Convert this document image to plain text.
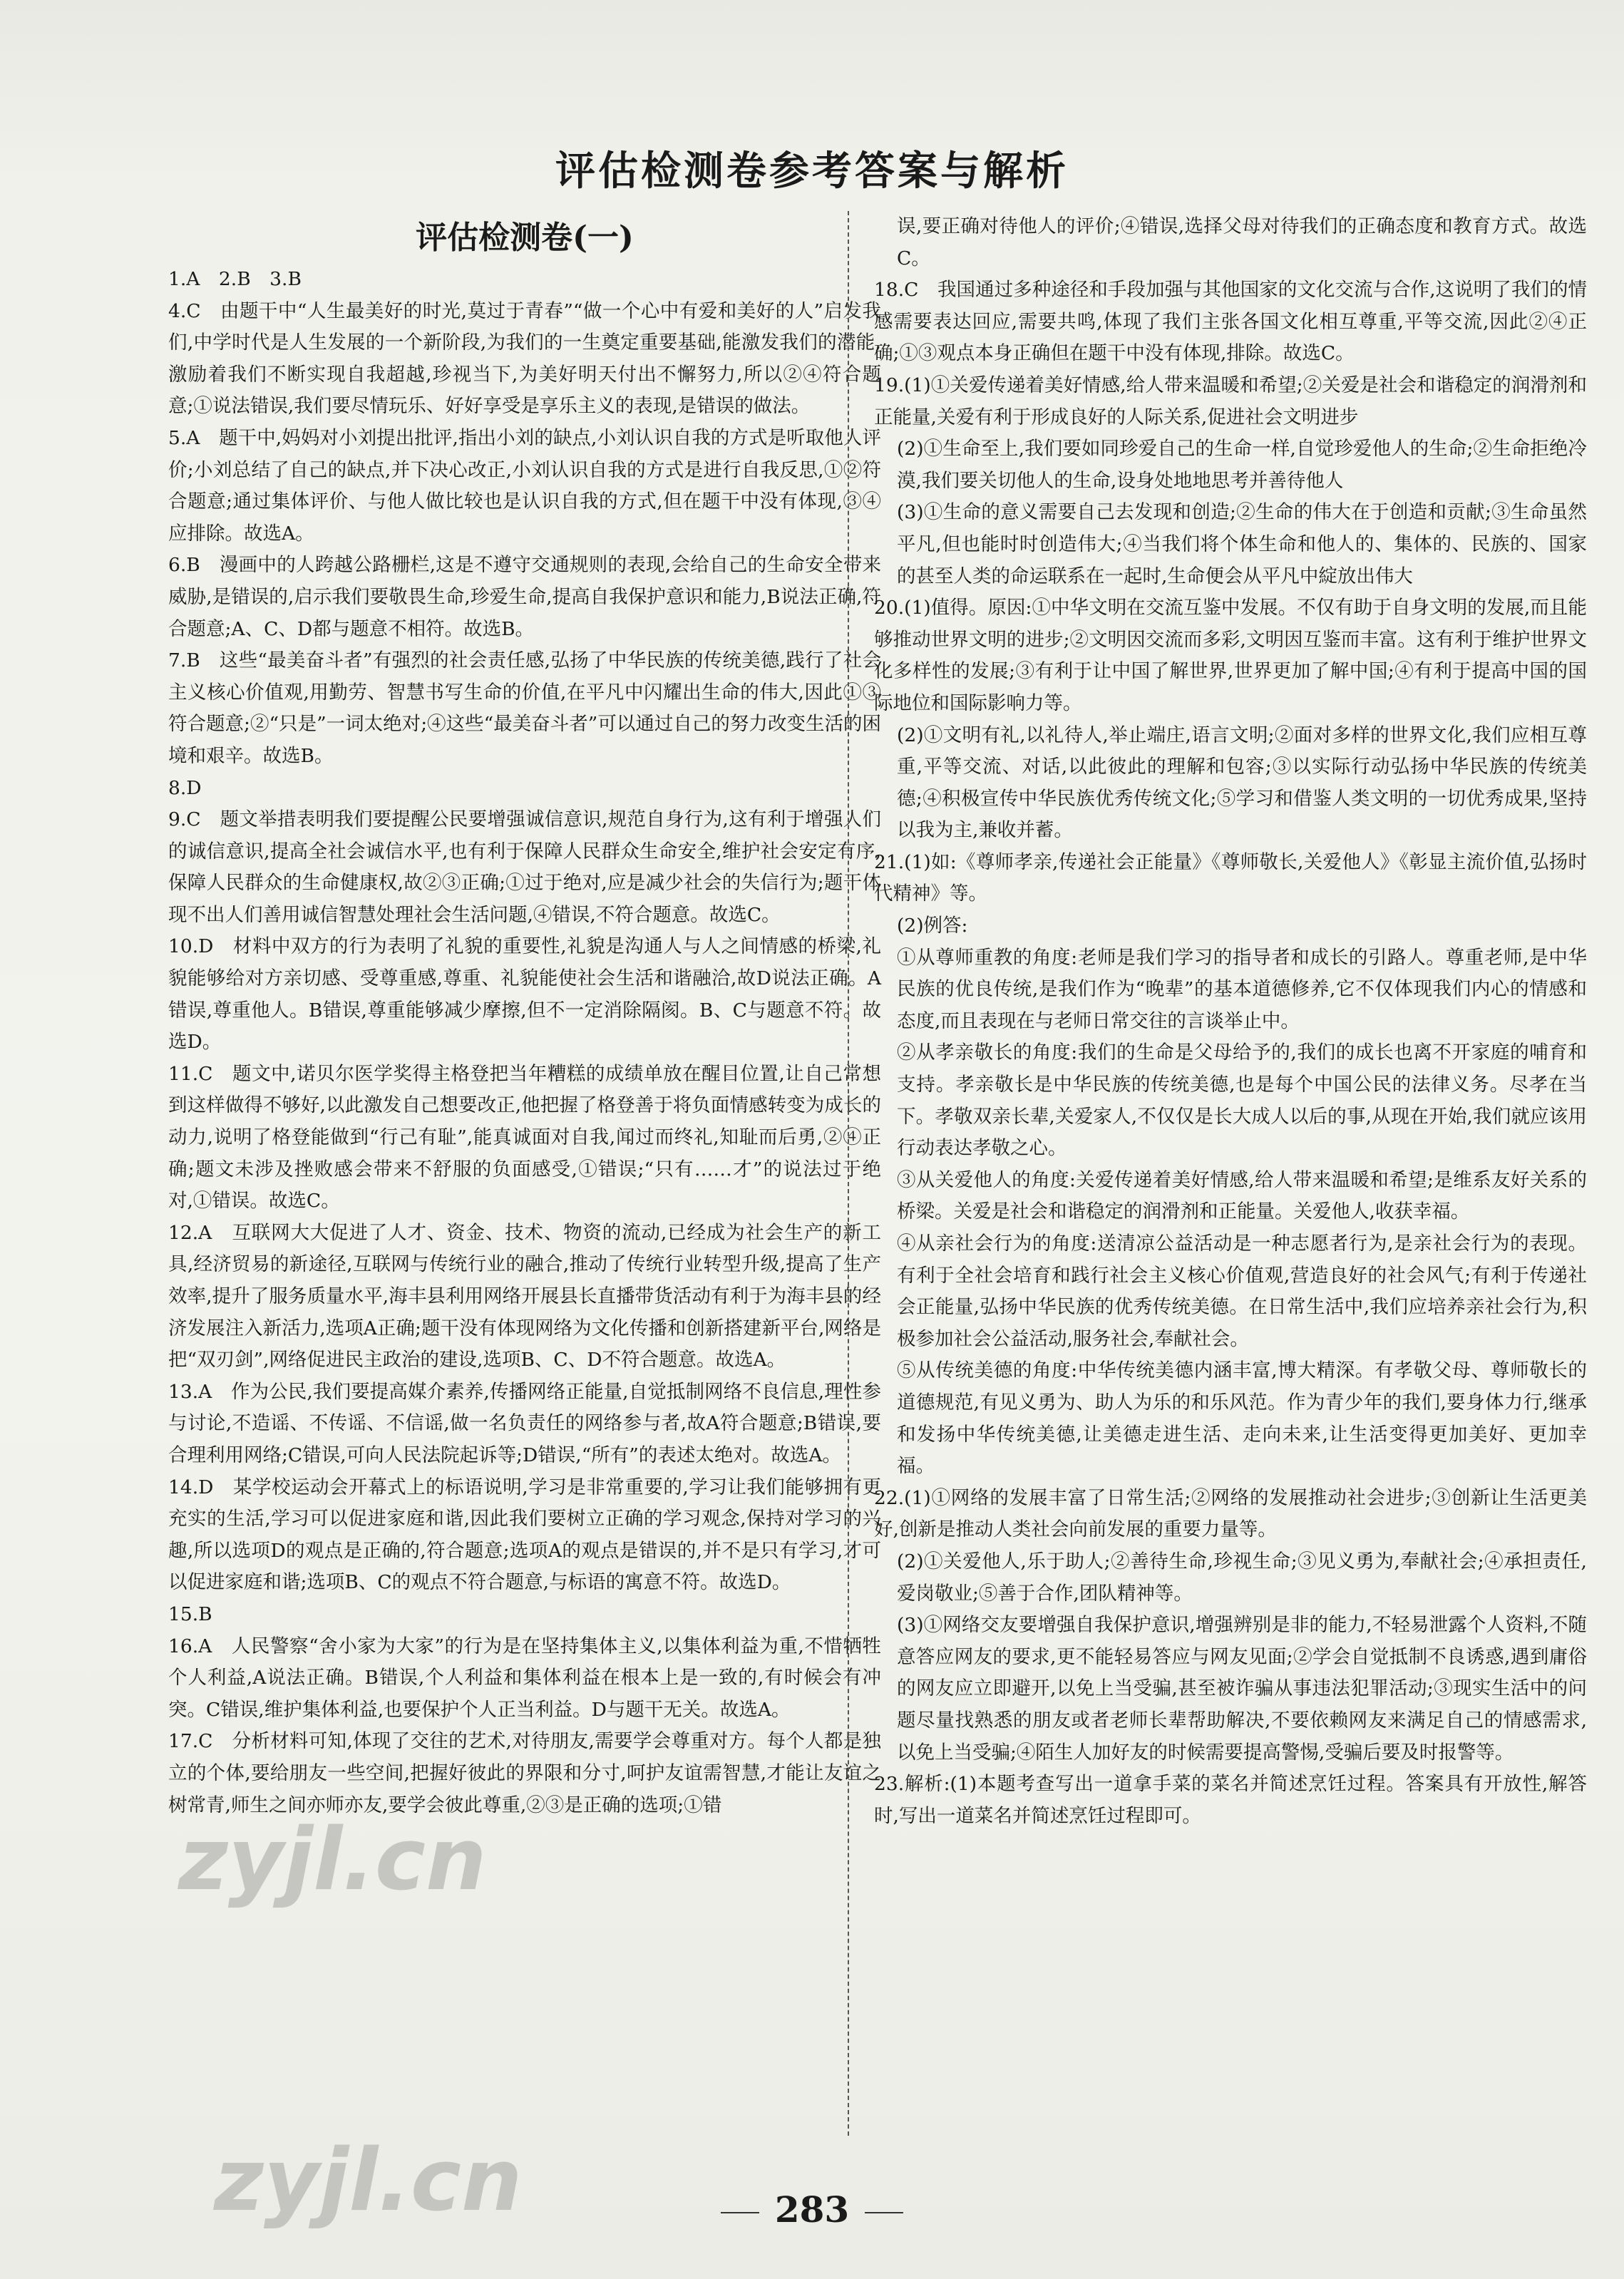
评估检测卷参考答案与解析
评估检测卷(一)

1.A　2.B　3.B

4.C　由题干中“人生最美好的时光,莫过于青春”“做一个心中有爱和美好的人”启发我们,中学时代是人生发展的一个新阶段,为我们的一生奠定重要基础,能激发我们的潜能,激励着我们不断实现自我超越,珍视当下,为美好明天付出不懈努力,所以②④符合题意;①说法错误,我们要尽情玩乐、好好享受是享乐主义的表现,是错误的做法。

5.A　题干中,妈妈对小刘提出批评,指出小刘的缺点,小刘认识自我的方式是听取他人评价;小刘总结了自己的缺点,并下决心改正,小刘认识自我的方式是进行自我反思,①②符合题意;通过集体评价、与他人做比较也是认识自我的方式,但在题干中没有体现,③④应排除。故选A。

6.B　漫画中的人跨越公路栅栏,这是不遵守交通规则的表现,会给自己的生命安全带来威胁,是错误的,启示我们要敬畏生命,珍爱生命,提高自我保护意识和能力,B说法正确,符合题意;A、C、D都与题意不相符。故选B。

7.B　这些“最美奋斗者”有强烈的社会责任感,弘扬了中华民族的传统美德,践行了社会主义核心价值观,用勤劳、智慧书写生命的价值,在平凡中闪耀出生命的伟大,因此①③符合题意;②“只是”一词太绝对;④这些“最美奋斗者”可以通过自己的努力改变生活的困境和艰辛。故选B。

8.D

9.C　题文举措表明我们要提醒公民要增强诚信意识,规范自身行为,这有利于增强人们的诚信意识,提高全社会诚信水平,也有利于保障人民群众生命安全,维护社会安定有序,保障人民群众的生命健康权,故②③正确;①过于绝对,应是减少社会的失信行为;题干体现不出人们善用诚信智慧处理社会生活问题,④错误,不符合题意。故选C。

10.D　材料中双方的行为表明了礼貌的重要性,礼貌是沟通人与人之间情感的桥梁,礼貌能够给对方亲切感、受尊重感,尊重、礼貌能使社会生活和谐融洽,故D说法正确。A错误,尊重他人。B错误,尊重能够减少摩擦,但不一定消除隔阂。B、C与题意不符。故选D。

11.C　题文中,诺贝尔医学奖得主格登把当年糟糕的成绩单放在醒目位置,让自己常想到这样做得不够好,以此激发自己想要改正,他把握了格登善于将负面情感转变为成长的动力,说明了格登能做到“行己有耻”,能真诚面对自我,闻过而终礼,知耻而后勇,②④正确;题文未涉及挫败感会带来不舒服的负面感受,①错误;“只有……才”的说法过于绝对,①错误。故选C。

12.A　互联网大大促进了人才、资金、技术、物资的流动,已经成为社会生产的新工具,经济贸易的新途径,互联网与传统行业的融合,推动了传统行业转型升级,提高了生产效率,提升了服务质量水平,海丰县利用网络开展县长直播带货活动有利于为海丰县的经济发展注入新活力,选项A正确;题干没有体现网络为文化传播和创新搭建新平台,网络是把“双刃剑”,网络促进民主政治的建设,选项B、C、D不符合题意。故选A。

13.A　作为公民,我们要提高媒介素养,传播网络正能量,自觉抵制网络不良信息,理性参与讨论,不造谣、不传谣、不信谣,做一名负责任的网络参与者,故A符合题意;B错误,要合理利用网络;C错误,可向人民法院起诉等;D错误,“所有”的表述太绝对。故选A。

14.D　某学校运动会开幕式上的标语说明,学习是非常重要的,学习让我们能够拥有更充实的生活,学习可以促进家庭和谐,因此我们要树立正确的学习观念,保持对学习的兴趣,所以选项D的观点是正确的,符合题意;选项A的观点是错误的,并不是只有学习,才可以促进家庭和谐;选项B、C的观点不符合题意,与标语的寓意不符。故选D。

15.B

16.A　人民警察“舍小家为大家”的行为是在坚持集体主义,以集体利益为重,不惜牺牲个人利益,A说法正确。B错误,个人利益和集体利益在根本上是一致的,有时候会有冲突。C错误,维护集体利益,也要保护个人正当利益。D与题干无关。故选A。

17.C　分析材料可知,体现了交往的艺术,对待朋友,需要学会尊重对方。每个人都是独立的个体,要给朋友一些空间,把握好彼此的界限和分寸,呵护友谊需智慧,才能让友谊之树常青,师生之间亦师亦友,要学会彼此尊重,②③是正确的选项;①错

误,要正确对待他人的评价;④错误,选择父母对待我们的正确态度和教育方式。故选C。

18.C　我国通过多种途径和手段加强与其他国家的文化交流与合作,这说明了我们的情感需要表达回应,需要共鸣,体现了我们主张各国文化相互尊重,平等交流,因此②④正确;①③观点本身正确但在题干中没有体现,排除。故选C。

19.(1)①关爱传递着美好情感,给人带来温暖和希望;②关爱是社会和谐稳定的润滑剂和正能量,关爱有利于形成良好的人际关系,促进社会文明进步

(2)①生命至上,我们要如同珍爱自己的生命一样,自觉珍爱他人的生命;②生命拒绝冷漠,我们要关切他人的生命,设身处地地思考并善待他人

(3)①生命的意义需要自己去发现和创造;②生命的伟大在于创造和贡献;③生命虽然平凡,但也能时时创造伟大;④当我们将个体生命和他人的、集体的、民族的、国家的甚至人类的命运联系在一起时,生命便会从平凡中綻放出伟大

20.(1)值得。原因:①中华文明在交流互鉴中发展。不仅有助于自身文明的发展,而且能够推动世界文明的进步;②文明因交流而多彩,文明因互鉴而丰富。这有利于维护世界文化多样性的发展;③有利于让中国了解世界,世界更加了解中国;④有利于提高中国的国际地位和国际影响力等。

(2)①文明有礼,以礼待人,举止端庄,语言文明;②面对多样的世界文化,我们应相互尊重,平等交流、对话,以此彼此的理解和包容;③以实际行动弘扬中华民族的传统美德;④积极宣传中华民族优秀传统文化;⑤学习和借鉴人类文明的一切优秀成果,坚持以我为主,兼收并蓄。

21.(1)如:《尊师孝亲,传递社会正能量》《尊师敬长,关爱他人》《彰显主流价值,弘扬时代精神》等。

(2)例答:

①从尊师重教的角度:老师是我们学习的指导者和成长的引路人。尊重老师,是中华民族的优良传统,是我们作为“晚辈”的基本道德修养,它不仅体现我们内心的情感和态度,而且表现在与老师日常交往的言谈举止中。

②从孝亲敬长的角度:我们的生命是父母给予的,我们的成长也离不开家庭的哺育和支持。孝亲敬长是中华民族的传统美德,也是每个中国公民的法律义务。尽孝在当下。孝敬双亲长辈,关爱家人,不仅仅是长大成人以后的事,从现在开始,我们就应该用行动表达孝敬之心。

③从关爱他人的角度:关爱传递着美好情感,给人带来温暖和希望;是维系友好关系的桥梁。关爱是社会和谐稳定的润滑剂和正能量。关爱他人,收获幸福。

④从亲社会行为的角度:送清凉公益活动是一种志愿者行为,是亲社会行为的表现。有利于全社会培育和践行社会主义核心价值观,营造良好的社会风气;有利于传递社会正能量,弘扬中华民族的优秀传统美德。在日常生活中,我们应培养亲社会行为,积极参加社会公益活动,服务社会,奉献社会。

⑤从传统美德的角度:中华传统美德内涵丰富,博大精深。有孝敬父母、尊师敬长的道德规范,有见义勇为、助人为乐的和乐风范。作为青少年的我们,要身体力行,继承和发扬中华传统美德,让美德走进生活、走向未来,让生活变得更加美好、更加幸福。

22.(1)①网络的发展丰富了日常生活;②网络的发展推动社会进步;③创新让生活更美好,创新是推动人类社会向前发展的重要力量等。

(2)①关爱他人,乐于助人;②善待生命,珍视生命;③见义勇为,奉献社会;④承担责任,爱岗敬业;⑤善于合作,团队精神等。

(3)①网络交友要增强自我保护意识,增强辨别是非的能力,不轻易泄露个人资料,不随意答应网友的要求,更不能轻易答应与网友见面;②学会自觉抵制不良诱惑,遇到庸俗的网友应立即避开,以免上当受骗,甚至被诈骗从事违法犯罪活动;③现实生活中的问题尽量找熟悉的朋友或者老师长辈帮助解决,不要依赖网友来满足自己的情感需求,以免上当受骗;④陌生人加好友的时候需要提高警惕,受骗后要及时报警等。

23.解析:(1)本题考查写出一道拿手菜的菜名并简述烹饪过程。答案具有开放性,解答时,写出一道菜名并简述烹饪过程即可。

283
zyjl.cn
zyjl.cn
